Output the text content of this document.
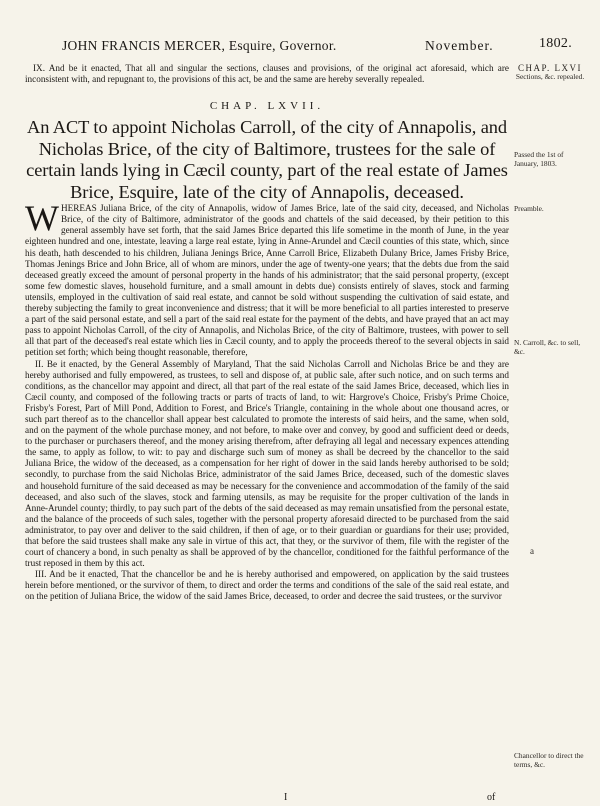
JOHN FRANCIS MERCER, Esquire, Governor.	November.	1802.

IX. And be it enacted, That all and singular the sections, clauses and provisions, of the original act aforesaid, which are inconsistent with, and repugnant to, the provisions of this act, be and the same are hereby severally repealed.

CHAP. LXVII.
An ACT to appoint Nicholas Carroll, of the city of Annapolis, and Nicholas Brice, of the city of Baltimore, trustees for the sale of certain lands lying in Cæcil county, part of the real estate of James Brice, Esquire, late of the city of Annapolis, deceased.

WHEREAS Juliana Brice, of the city of Annapolis, widow of James Brice, late of the said city, deceased, and Nicholas Brice, of the city of Baltimore, administrator of the goods and chattels of the said deceased, by their petition to this general assembly have set forth, that the said James Brice departed this life sometime in the month of June, in the year eighteen hundred and one, intestate, leaving a large real estate, lying in Anne-Arundel and Cæcil counties of this state, which, since his death, hath descended to his children, Juliana Jenings Brice, Anne Carroll Brice, Elizabeth Dulany Brice, James Frisby Brice, Thomas Jenings Brice and John Brice, all of whom are minors, under the age of twenty-one years; that the debts due from the said deceased greatly exceed the amount of personal property in the hands of his administrator; that the said personal property, (except some few domestic slaves, household furniture, and a small amount in debts due) consists entirely of slaves, stock and farming utensils, employed in the cultivation of said real estate, and cannot be sold without suspending the cultivation of said estate, and thereby subjecting the family to great inconvenience and distress; that it will be more beneficial to all parties interested to preserve a part of the said personal estate, and sell a part of the said real estate for the payment of the debts, and have prayed that an act may pass to appoint Nicholas Carroll, of the city of Annapolis, and Nicholas Brice, of the city of Baltimore, trustees, with power to sell all that part of the deceased's real estate which lies in Cæcil county, and to apply the proceeds thereof to the several objects in said petition set forth; which being thought reasonable, therefore,

II. Be it enacted, by the General Assembly of Maryland, That the said Nicholas Carroll and Nicholas Brice be and they are hereby authorised and fully empowered, as trustees, to sell and dispose of, at public sale, after such notice, and on such terms and conditions, as the chancellor may appoint and direct, all that part of the real estate of the said James Brice, deceased, which lies in Cæcil county, and composed of the following tracts or parts of tracts of land, to wit: Hargrove's Choice, Frisby's Prime Choice, Frisby's Forest, Part of Mill Pond, Addition to Forest, and Brice's Triangle, containing in the whole about one thousand acres, or such part thereof as to the chancellor shall appear best calculated to promote the interests of said heirs, and the same, when sold, and on the payment of the whole purchase money, and not before, to make over and convey, by good and sufficient deed or deeds, to the purchaser or purchasers thereof, and the money arising therefrom, after defraying all legal and necessary expences attending the same, to apply as follow, to wit: to pay and discharge such sum of money as shall be decreed by the chancellor to the said Juliana Brice, the widow of the deceased, as a compensation for her right of dower in the said lands hereby authorised to be sold; secondly, to purchase from the said Nicholas Brice, administrator of the said James Brice, deceased, such of the domestic slaves and household furniture of the said deceased as may be necessary for the convenience and accommodation of the family of the said deceased, and also such of the slaves, stock and farming utensils, as may be requisite for the proper cultivation of the lands in Anne-Arundel county; thirdly, to pay such part of the debts of the said deceased as may remain unsatisfied from the personal estate, and the balance of the proceeds of such sales, together with the personal property aforesaid directed to be purchased from the said administrator, to pay over and deliver to the said children, if then of age, or to their guardian or guardians for their use; provided, that before the said trustees shall make any sale in virtue of this act, that they, or the survivor of them, file with the register of the court of chancery a bond, in such penalty as shall be approved of by the chancellor, conditioned for the faithful performance of the trust reposed in them by this act.

III. And be it enacted, That the chancellor be and he is hereby authorised and empowered, on application by the said trustees herein before mentioned, or the survivor of them, to direct and order the terms and conditions of the sale of the said real estate, and on the petition of Juliana Brice, the widow of the said James Brice, deceased, to order and decree the said trustees, or the survivor

CHAP. LXVI
Sections, &c. repealed.
Passed the 1st of January, 1803.
Preamble.
N. Carroll, &c. to sell, &c.
a
Chancellor to direct the terms, &c.
I	of
